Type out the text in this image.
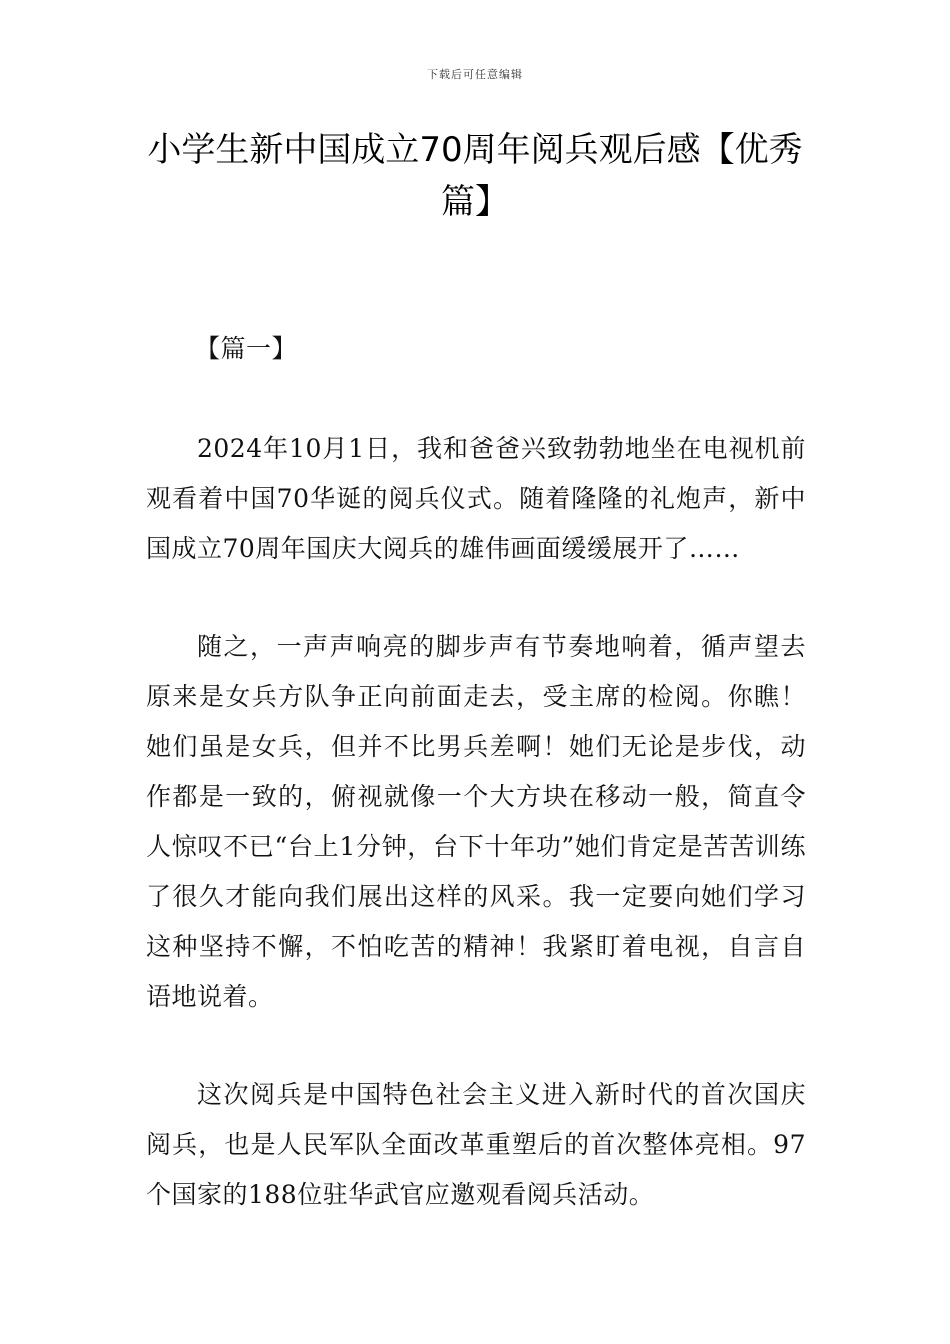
下载后可任意编辑
小学生新中国成立70周年阅兵观后感【优秀篇】

【篇一】

2024年10月1日，我和爸爸兴致勃勃地坐在电视机前观看着中国70华诞的阅兵仪式。随着隆隆的礼炮声，新中国成立70周年国庆大阅兵的雄伟画面缓缓展开了……

随之，一声声响亮的脚步声有节奏地响着，循声望去原来是女兵方队争正向前面走去，受主席的检阅。你瞧！她们虽是女兵，但并不比男兵差啊！她们无论是步伐，动作都是一致的，俯视就像一个大方块在移动一般，简直令人惊叹不已“台上1分钟，台下十年功”她们肯定是苦苦训练了很久才能向我们展出这样的风采。我一定要向她们学习这种坚持不懈，不怕吃苦的精神！我紧盯着电视，自言自语地说着。

这次阅兵是中国特色社会主义进入新时代的首次国庆阅兵，也是人民军队全面改革重塑后的首次整体亮相。97个国家的188位驻华武官应邀观看阅兵活动。
